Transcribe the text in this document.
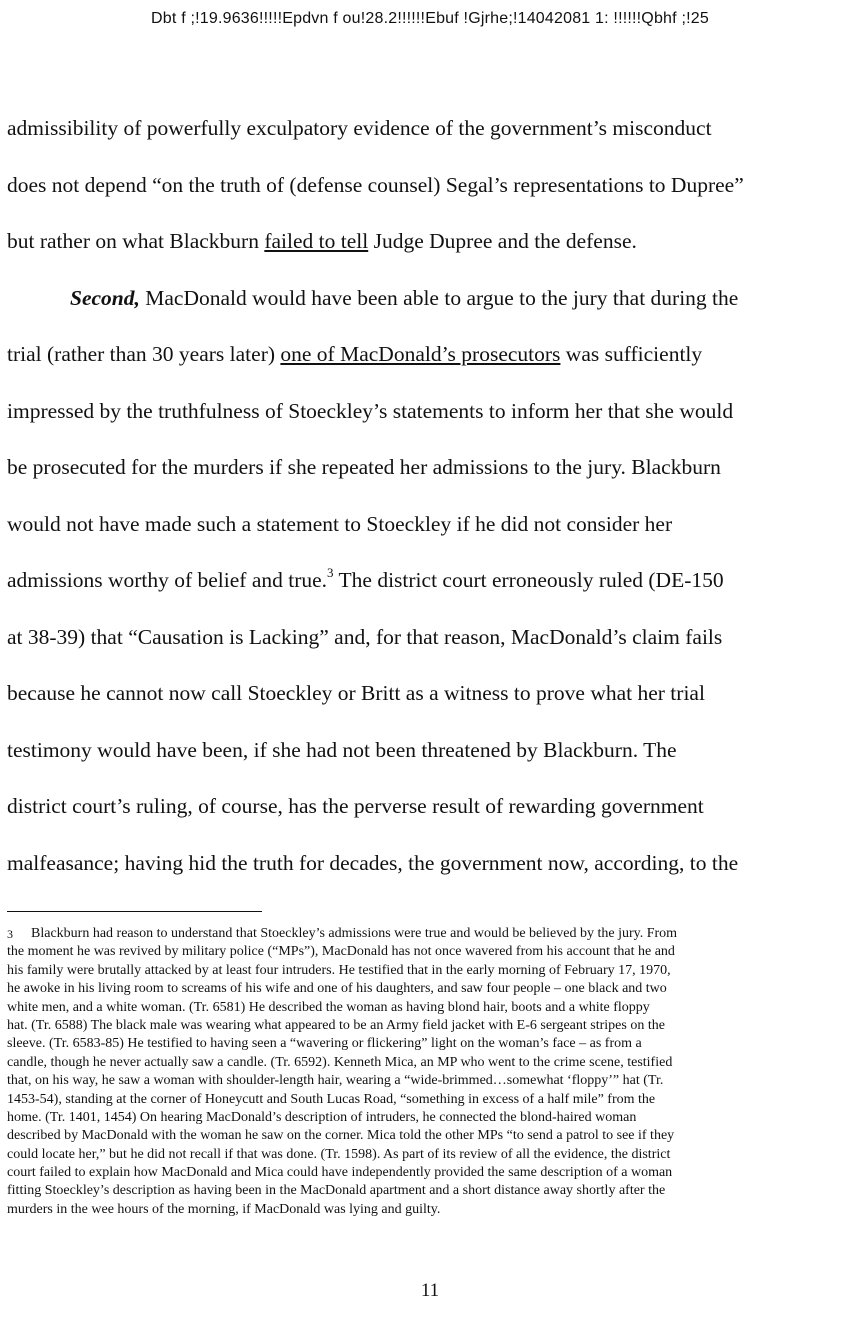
Dbt f ;!19.9636!!!!!Epdvn f ou!28.2!!!!!!Ebuf !Gjrhe;!14042081 1: !!!!!!Qbhf ;!25
admissibility of powerfully exculpatory evidence of the government’s misconduct
does not depend “on the truth of (defense counsel) Segal’s representations to Dupree”
but rather on what Blackburn failed to tell Judge Dupree and the defense.
Second, MacDonald would have been able to argue to the jury that during the
trial (rather than 30 years later) one of MacDonald’s prosecutors was sufficiently
impressed by the truthfulness of Stoeckley’s statements to inform her that she would
be prosecuted for the murders if she repeated her admissions to the jury. Blackburn
would not have made such a statement to Stoeckley if he did not consider her
admissions worthy of belief and true.$^3$ The district court erroneously ruled (DE-150
at 38-39) that “Causation is Lacking” and, for that reason, MacDonald’s claim fails
because he cannot now call Stoeckley or Britt as a witness to prove what her trial
testimony would have been, if she had not been threatened by Blackburn. The
district court’s ruling, of course, has the perverse result of rewarding government
malfeasance; having hid the truth for decades, the government now, according, to the
3 Blackburn had reason to understand that Stoeckley’s admissions were true and would be believed by the jury. From
the moment he was revived by military police (“MPs”), MacDonald has not once wavered from his account that he and
his family were brutally attacked by at least four intruders. He testified that in the early morning of February 17, 1970,
he awoke in his living room to screams of his wife and one of his daughters, and saw four people – one black and two
white men, and a white woman. (Tr. 6581) He described the woman as having blond hair, boots and a white floppy
hat. (Tr. 6588) The black male was wearing what appeared to be an Army field jacket with E-6 sergeant stripes on the
sleeve. (Tr. 6583-85) He testified to having seen a “wavering or flickering” light on the woman’s face – as from a
candle, though he never actually saw a candle. (Tr. 6592). Kenneth Mica, an MP who went to the crime scene, testified
that, on his way, he saw a woman with shoulder-length hair, wearing a “wide-brimmed…somewhat ‘floppy’” hat (Tr.
1453-54), standing at the corner of Honeycutt and South Lucas Road, “something in excess of a half mile” from the
home. (Tr. 1401, 1454) On hearing MacDonald’s description of intruders, he connected the blond-haired woman
described by MacDonald with the woman he saw on the corner. Mica told the other MPs “to send a patrol to see if they
could locate her,” but he did not recall if that was done. (Tr. 1598). As part of its review of all the evidence, the district
court failed to explain how MacDonald and Mica could have independently provided the same description of a woman
fitting Stoeckley’s description as having been in the MacDonald apartment and a short distance away shortly after the
murders in the wee hours of the morning, if MacDonald was lying and guilty.
11
